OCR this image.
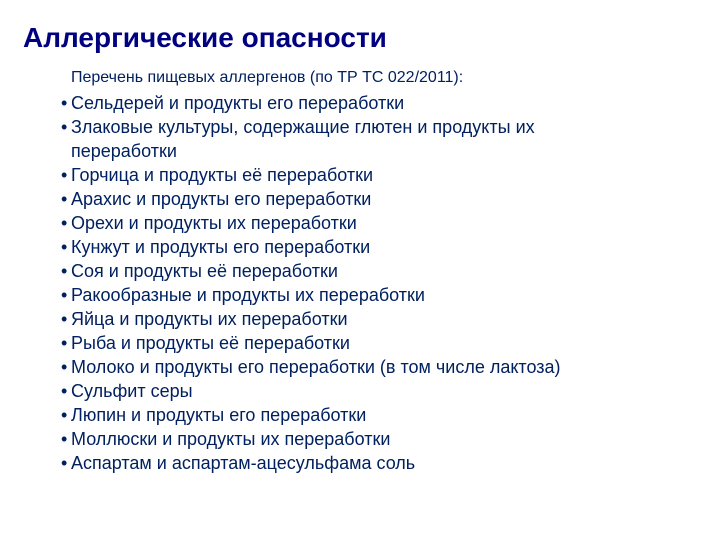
Аллергические опасности

Перечень пищевых аллергенов (по ТР ТС 022/2011):

• Сельдерей и продукты его переработки
• Злаковые культуры, содержащие глютен и продукты их переработки
• Горчица и продукты её переработки
• Арахис и продукты его переработки
• Орехи и продукты их переработки
• Кунжут и продукты его переработки
• Соя и продукты её переработки
• Ракообразные и продукты их переработки
• Яйца и продукты их переработки
• Рыба и продукты её переработки
• Молоко и продукты его переработки (в том числе лактоза)
• Сульфит серы
• Люпин и продукты его переработки
• Моллюски и продукты их переработки
• Аспартам и аспартам-ацесульфама соль
